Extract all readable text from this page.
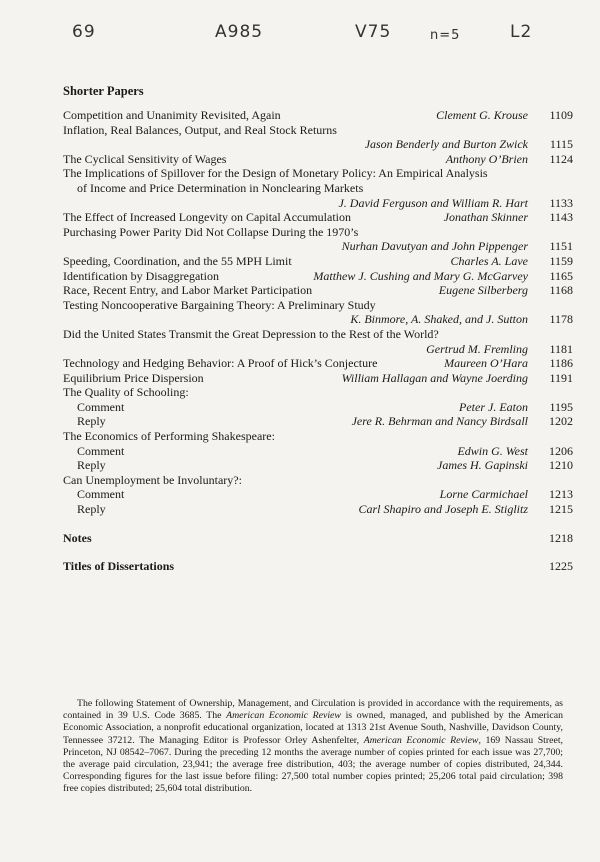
69	A985	V75	n=5	L2
Shorter Papers
Competition and Unanimity Revisited, Again	Clement G. Krouse	1109
Inflation, Real Balances, Output, and Real Stock Returns
Jason Benderly and Burton Zwick	1115
The Cyclical Sensitivity of Wages	Anthony O’Brien	1124
The Implications of Spillover for the Design of Monetary Policy: An Empirical Analysis
of Income and Price Determination in Nonclearing Markets
J. David Ferguson and William R. Hart	1133
The Effect of Increased Longevity on Capital Accumulation	Jonathan Skinner	1143
Purchasing Power Parity Did Not Collapse During the 1970’s
Nurhan Davutyan and John Pippenger	1151
Speeding, Coordination, and the 55 MPH Limit	Charles A. Lave	1159
Identification by Disaggregation	Matthew J. Cushing and Mary G. McGarvey	1165
Race, Recent Entry, and Labor Market Participation	Eugene Silberberg	1168
Testing Noncooperative Bargaining Theory: A Preliminary Study
K. Binmore, A. Shaked, and J. Sutton	1178
Did the United States Transmit the Great Depression to the Rest of the World?
Gertrud M. Fremling	1181
Technology and Hedging Behavior: A Proof of Hick’s Conjecture	Maureen O’Hara	1186
Equilibrium Price Dispersion	William Hallagan and Wayne Joerding	1191
The Quality of Schooling:
Comment	Peter J. Eaton	1195
Reply	Jere R. Behrman and Nancy Birdsall	1202
The Economics of Performing Shakespeare:
Comment	Edwin G. West	1206
Reply	James H. Gapinski	1210
Can Unemployment be Involuntary?:
Comment	Lorne Carmichael	1213
Reply	Carl Shapiro and Joseph E. Stiglitz	1215
Notes	1218
Titles of Dissertations	1225
The following Statement of Ownership, Management, and Circulation is provided in accordance with the requirements, as contained in 39 U.S. Code 3685. The American Economic Review is owned, managed, and published by the American Economic Association, a nonprofit educational organization, located at 1313 21st Avenue South, Nashville, Davidson County, Tennessee 37212. The Managing Editor is Professor Orley Ashenfelter, American Economic Review, 169 Nassau Street, Princeton, NJ 08542–7067. During the preceding 12 months the average number of copies printed for each issue was 27,700; the average paid circulation, 23,941; the average free distribution, 403; the average number of copies distributed, 24,344. Corresponding figures for the last issue before filing: 27,500 total number copies printed; 25,206 total paid circulation; 398 free copies distributed; 25,604 total distribution.
